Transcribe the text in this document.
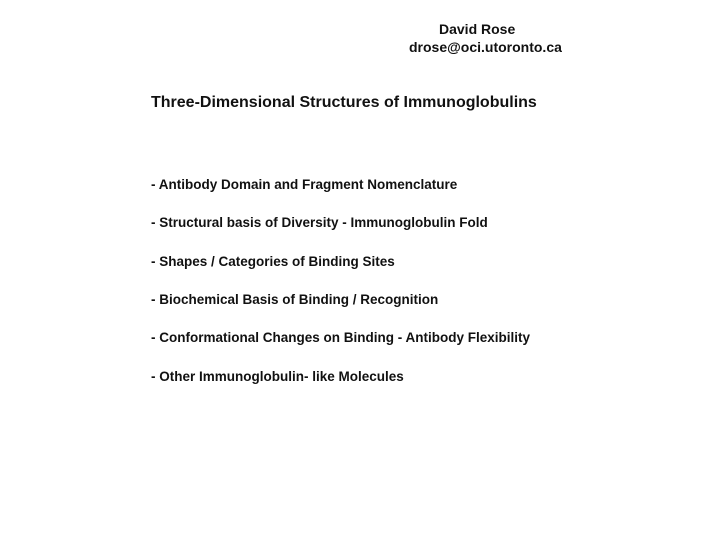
David Rose
drose@oci.utoronto.ca
Three-Dimensional Structures of Immunoglobulins
- Antibody Domain and Fragment Nomenclature
- Structural basis of Diversity - Immunoglobulin Fold
- Shapes / Categories of Binding Sites
- Biochemical Basis of Binding / Recognition
- Conformational Changes on Binding - Antibody Flexibility
- Other Immunoglobulin- like Molecules
